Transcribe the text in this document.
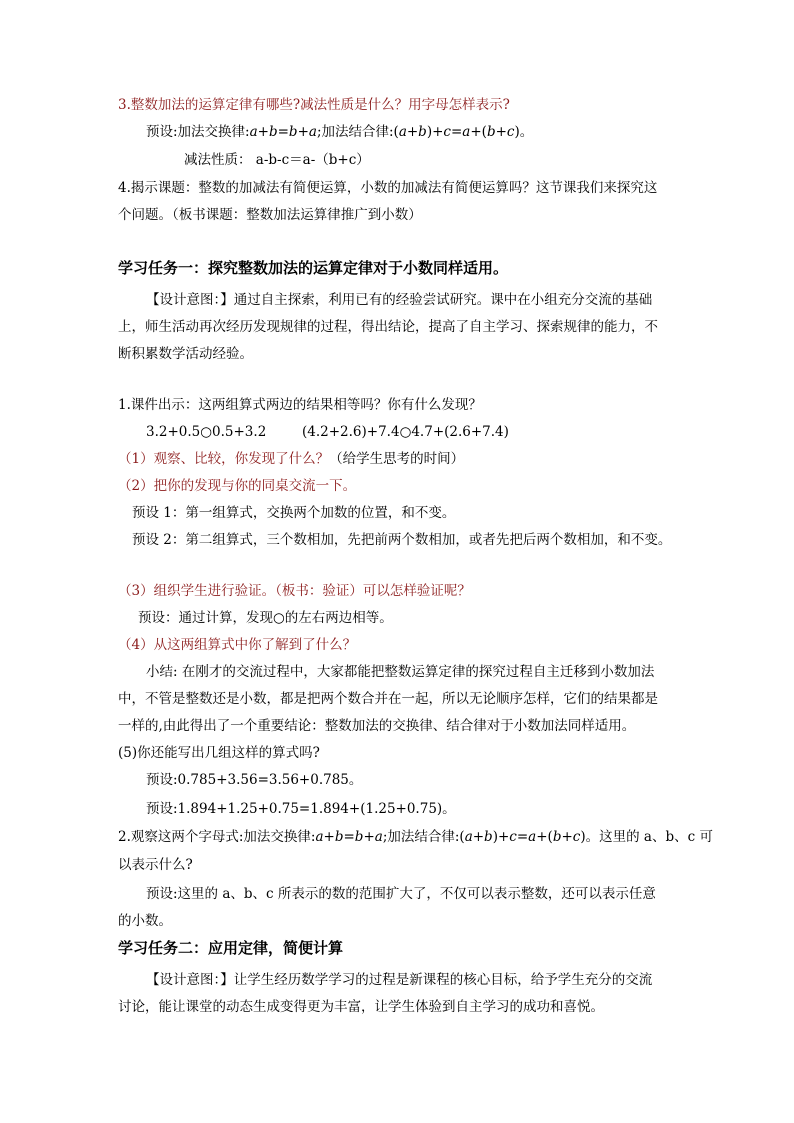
3.整数加法的运算定律有哪些?减法性质是什么？用字母怎样表示?
预设:加法交换律:a+b=b+a;加法结合律:(a+b)+c=a+(b+c)。
减法性质： a-b-c＝a-（b+c）
4.揭示课题：整数的加减法有简便运算，小数的加减法有简便运算吗？这节课我们来探究这
个问题。（板书课题：整数加法运算律推广到小数）
学习任务一：探究整数加法的运算定律对于小数同样适用。
【设计意图：】通过自主探索，利用已有的经验尝试研究。课中在小组充分交流的基础
上，师生活动再次经历发现规律的过程，得出结论，提高了自主学习、探索规律的能力，不
断积累数学活动经验。
1.课件出示：这两组算式两边的结果相等吗？你有什么发现？
3.2+0.5○0.5+3.2	(4.2+2.6)+7.4○4.7+(2.6+7.4)
（1）观察、比较，你发现了什么？（给学生思考的时间）
（2）把你的发现与你的同桌交流一下。
预设 1：第一组算式，交换两个加数的位置，和不变。
预设 2：第二组算式，三个数相加，先把前两个数相加，或者先把后两个数相加，和不变。
（3）组织学生进行验证。（板书：验证）可以怎样验证呢？
预设：通过计算，发现○的左右两边相等。
（4）从这两组算式中你了解到了什么？
小结: 在刚才的交流过程中，大家都能把整数运算定律的探究过程自主迁移到小数加法
中，不管是整数还是小数，都是把两个数合并在一起，所以无论顺序怎样，它们的结果都是
一样的,由此得出了一个重要结论：整数加法的交换律、结合律对于小数加法同样适用。
(5)你还能写出几组这样的算式吗?
预设:0.785+3.56=3.56+0.785。
预设:1.894+1.25+0.75=1.894+(1.25+0.75)。
2.观察这两个字母式:加法交换律:a+b=b+a;加法结合律:(a+b)+c=a+(b+c)。这里的 a、b、c 可
以表示什么?
预设:这里的 a、b、c 所表示的数的范围扩大了，不仅可以表示整数，还可以表示任意
的小数。
学习任务二：应用定律，简便计算
【设计意图：】让学生经历数学学习的过程是新课程的核心目标，给予学生充分的交流
讨论，能让课堂的动态生成变得更为丰富，让学生体验到自主学习的成功和喜悦。
